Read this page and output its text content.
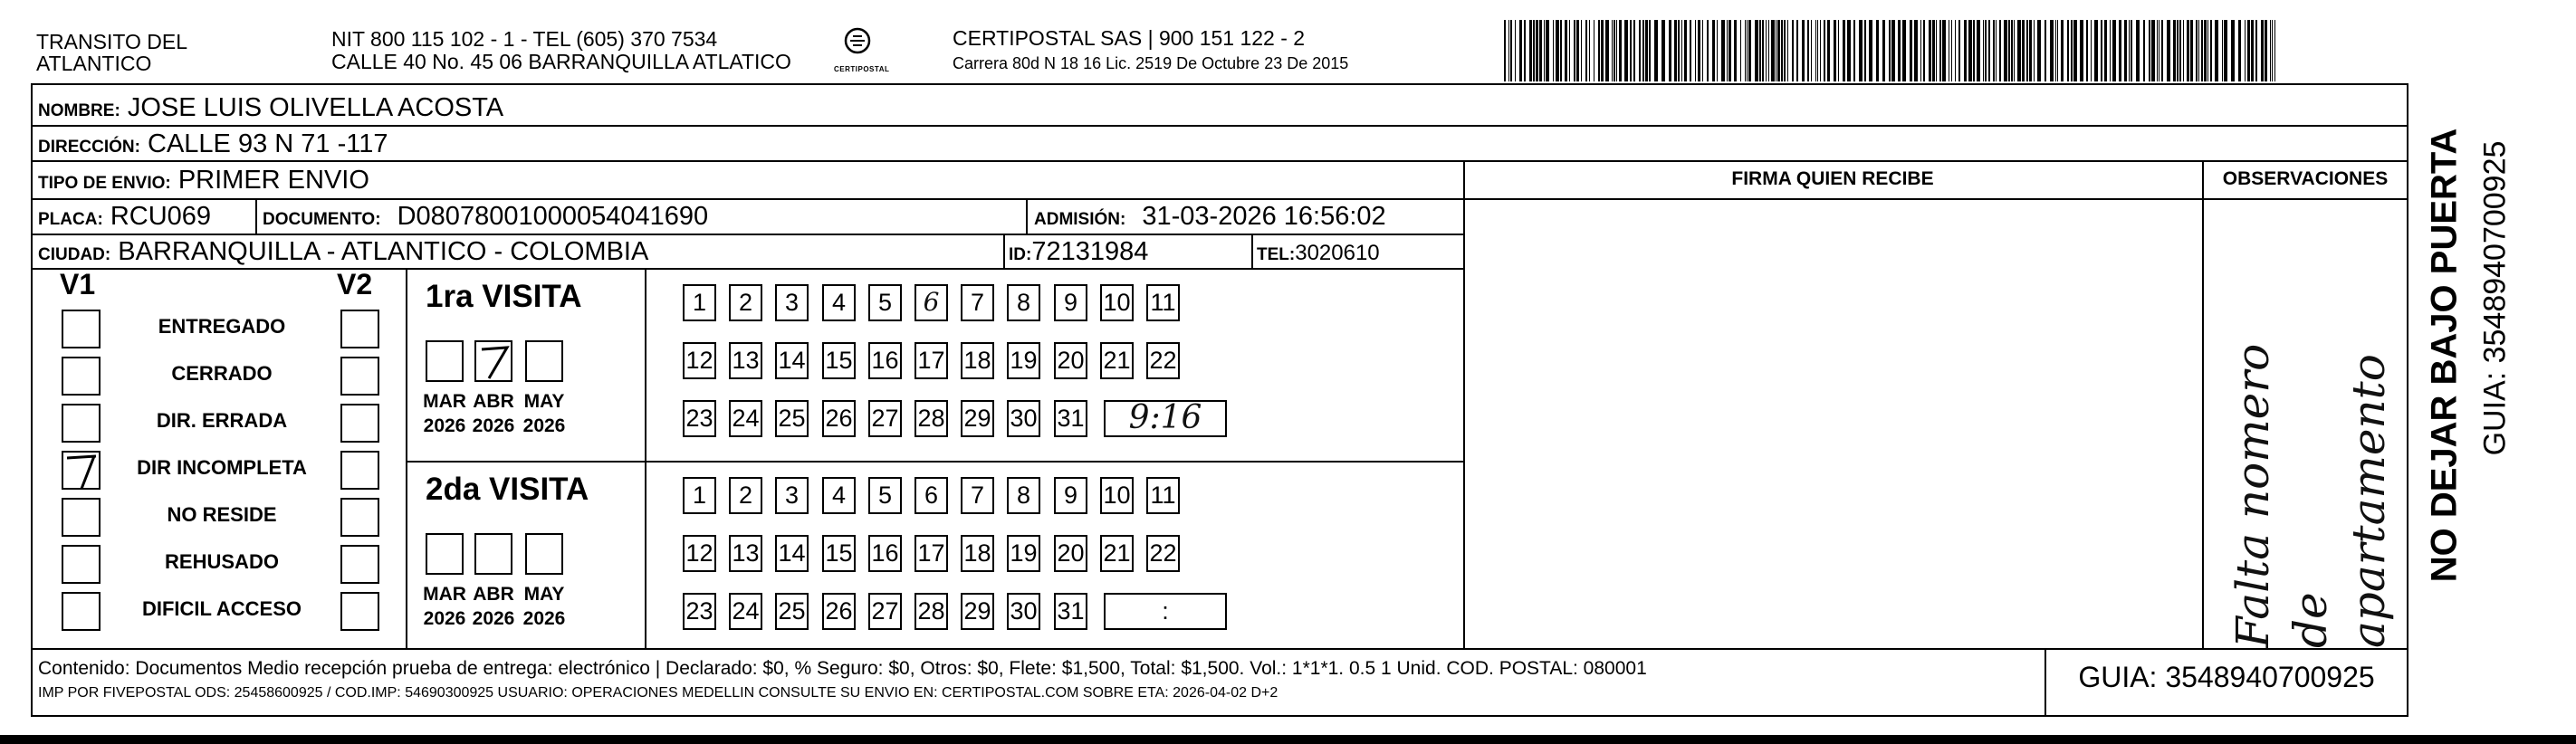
TRANSITO DEL
ATLANTICO
NIT 800 115 102 - 1 - TEL (605) 370 7534
CALLE 40 No. 45 06 BARRANQUILLA ATLATICO	CERTIPOSTAL
CERTIPOSTAL SAS | 900 151 122 - 2
Carrera 80d N 18 16 Lic. 2519 De Octubre 23 De 2015
NOMBRE: JOSE LUIS OLIVELLA ACOSTA
DIRECCIÓN: CALLE 93 N 71 -117
TIPO DE ENVIO: PRIMER ENVIO	FIRMA QUIEN RECIBE	OBSERVACIONES
PLACA: RCU069	DOCUMENTO: D080780010000540416​90	ADMISIÓN: 31-03-2026 16:56:02
CIUDAD: BARRANQUILLA - ATLANTICO - COLOMBIA	ID:72131984	TEL:3020610
V1	V2
ENTREGADO
CERRADO
DIR. ERRADA
DIR INCOMPLETA
NO RESIDE
REHUSADO
DIFICIL ACCESO
1ra VISITA
MAR
2026
ABR
2026
MAY
2026
1	2	3	4	5	6	7	8	9	10 11
12 13 14 15 16 17 18 19 20 21 22
23 24 25 26 27 28 29 30 31	9:16
2da VISITA
MAR
2026
ABR
2026
MAY
2026
1	2	3	4	5	6	7	8	9	10 11
12 13 14 15 16 17 18 19 20 21 22
23 24 25 26 27 28 29 30 31	:	Falta nomero de apartamento
Contenido: Documentos Medio recepción prueba de entrega: electrónico | Declarado: $0, % Seguro: $0, Otros: $0, Flete: $1,500, Total: $1,500. Vol.: 1*1*1. 0.5 1 Unid. COD. POSTAL: 080001
IMP POR FIVEPOSTAL ODS: 25458600925 / COD.IMP: 54690300925 USUARIO: OPERACIONES MEDELLIN CONSULTE SU ENVIO EN: CERTIPOSTAL.COM SOBRE ETA: 2026-04-02 D+2	GUIA: 3548940700925
NO DEJAR BAJO PUERTA GUIA: 3548940700925
